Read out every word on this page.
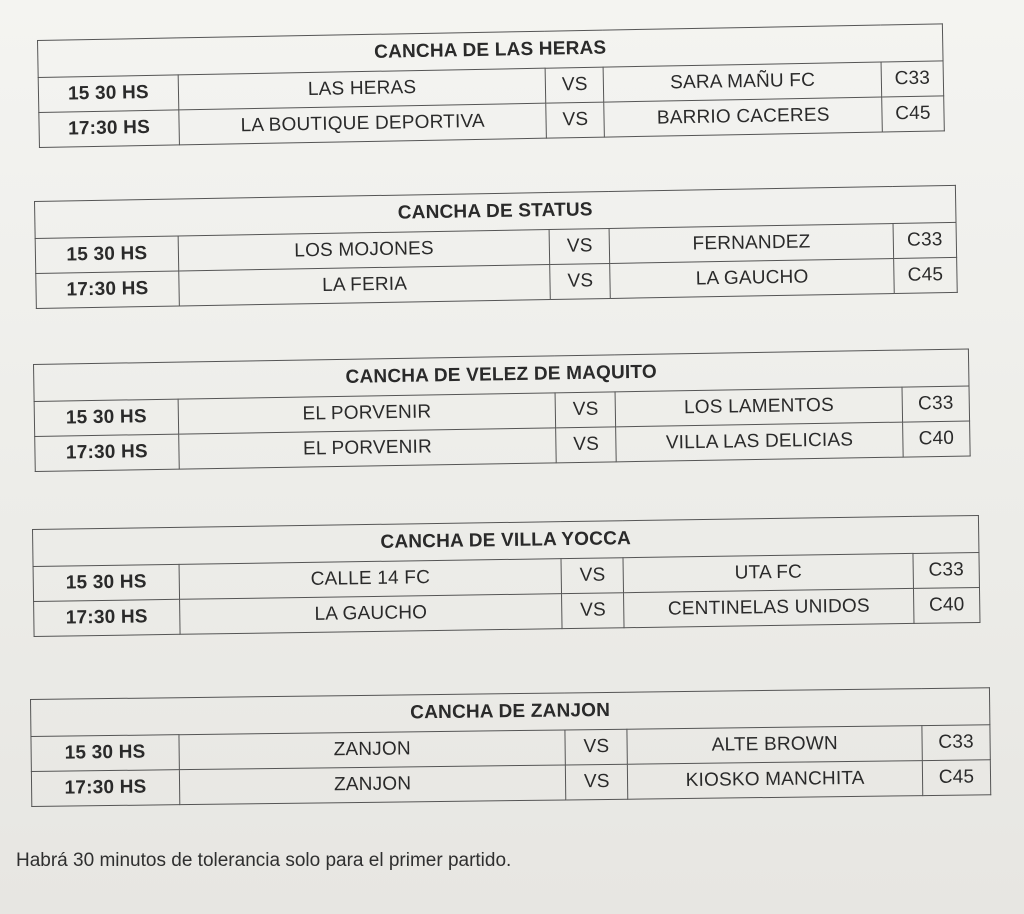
CANCHA DE LAS HERAS				
15 30 HS	LAS HERAS	VS	SARA MAÑU FC	C33
17:30 HS	LA BOUTIQUE DEPORTIVA	VS	BARRIO CACERES	C45
CANCHA DE STATUS				
15 30 HS	LOS MOJONES	VS	FERNANDEZ	C33
17:30 HS	LA FERIA	VS	LA GAUCHO	C45
CANCHA DE VELEZ DE MAQUITO				
15 30 HS	EL PORVENIR	VS	LOS LAMENTOS	C33
17:30 HS	EL PORVENIR	VS	VILLA LAS DELICIAS	C40
CANCHA DE VILLA YOCCA				
15 30 HS	CALLE 14 FC	VS	UTA FC	C33
17:30 HS	LA GAUCHO	VS	CENTINELAS UNIDOS	C40
CANCHA DE ZANJON				
15 30 HS	ZANJON	VS	ALTE BROWN	C33
17:30 HS	ZANJON	VS	KIOSKO MANCHITA	C45
Habrá 30 minutos de tolerancia solo para el primer partido.
